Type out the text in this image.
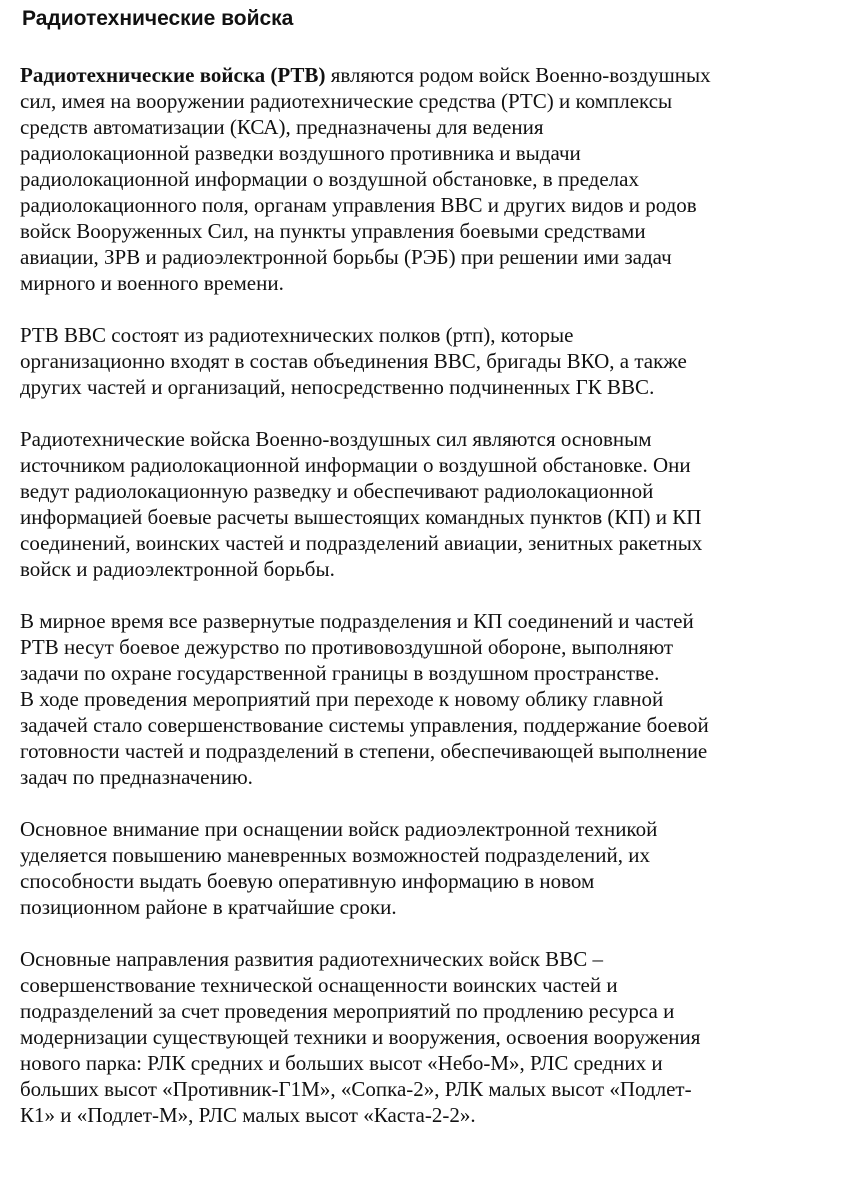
Радиотехнические войска

Радиотехнические войска (РТВ) являются родом войск Военно-воздушных
сил, имея на вооружении радиотехнические средства (РТС) и комплексы
средств автоматизации (КСА), предназначены для ведения
радиолокационной разведки воздушного противника и выдачи
радиолокационной информации о воздушной обстановке, в пределах
радиолокационного поля, органам управления ВВС и других видов и родов
войск Вооруженных Сил, на пункты управления боевыми средствами
авиации, ЗРВ и радиоэлектронной борьбы (РЭБ) при решении ими задач
мирного и военного времени.

РТВ ВВС состоят из радиотехнических полков (ртп), которые
организационно входят в состав объединения ВВС, бригады ВКО, а также
других частей и организаций, непосредственно подчиненных ГК ВВС.

Радиотехнические войска Военно-воздушных сил являются основным
источником радиолокационной информации о воздушной обстановке. Они
ведут радиолокационную разведку и обеспечивают радиолокационной
информацией боевые расчеты вышестоящих командных пунктов (КП) и КП
соединений, воинских частей и подразделений авиации, зенитных ракетных
войск и радиоэлектронной борьбы.

В мирное время все развернутые подразделения и КП соединений и частей
РТВ несут боевое дежурство по противовоздушной обороне, выполняют
задачи по охране государственной границы в воздушном пространстве.
В ходе проведения мероприятий при переходе к новому облику главной
задачей стало совершенствование системы управления, поддержание боевой
готовности частей и подразделений в степени, обеспечивающей выполнение
задач по предназначению.

Основное внимание при оснащении войск радиоэлектронной техникой
уделяется повышению маневренных возможностей подразделений, их
способности выдать боевую оперативную информацию в новом
позиционном районе в кратчайшие сроки.

Основные направления развития радиотехнических войск ВВС –
совершенствование технической оснащенности воинских частей и
подразделений за счет проведения мероприятий по продлению ресурса и
модернизации существующей техники и вооружения, освоения вооружения
нового парка: РЛК средних и больших высот «Небо-М», РЛС средних и
больших высот «Противник-Г1М», «Сопка-2», РЛК малых высот «Подлет-
К1» и «Подлет-М», РЛС малых высот «Каста-2-2».
